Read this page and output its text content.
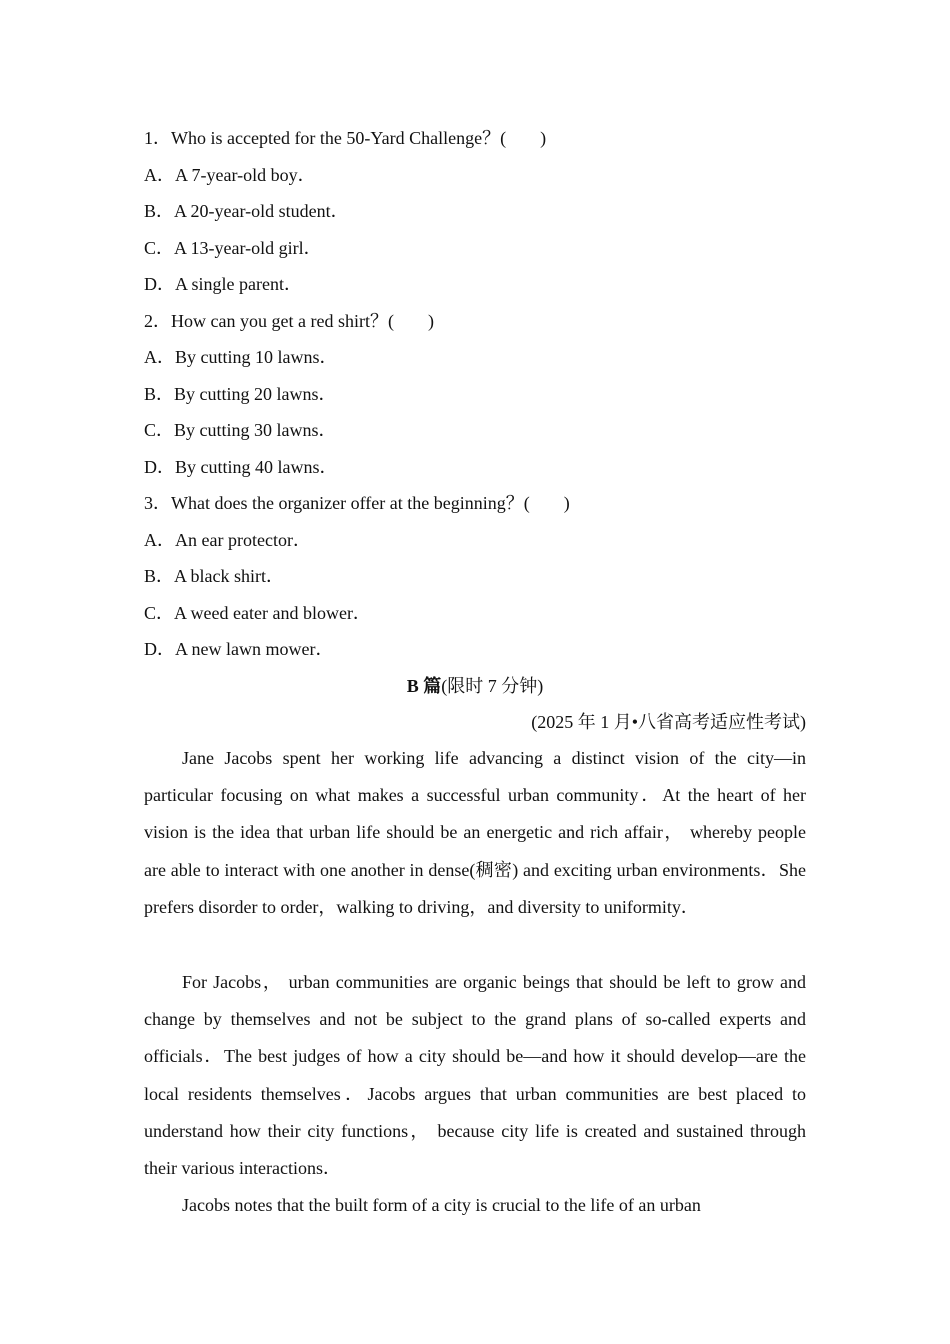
1．Who is accepted for the 50-Yard Challenge？( )
A．A 7-year-old boy．
B．A 20-year-old student．
C．A 13-year-old girl．
D．A single parent．
2．How can you get a red shirt？( )
A．By cutting 10 lawns．
B．By cutting 20 lawns．
C．By cutting 30 lawns．
D．By cutting 40 lawns．
3．What does the organizer offer at the beginning？( )
A．An ear protector．
B．A black shirt．
C．A weed eater and blower．
D．A new lawn mower．
B 篇(限时 7 分钟)
(2025 年 1 月•八省高考适应性考试)

Jane Jacobs spent her working life advancing a distinct vision of the city—in particular focusing on what makes a successful urban community．At the heart of her vision is the idea that urban life should be an energetic and rich affair， whereby people are able to interact with one another in dense(稠密) and exciting urban environments．She prefers disorder to order，walking to driving，and diversity to uniformity．

For Jacobs， urban communities are organic beings that should be left to grow and change by themselves and not be subject to the grand plans of so-called experts and officials．The best judges of how a city should be—and how it should develop—are the local residents themselves．Jacobs argues that urban communities are best placed to understand how their city functions， because city life is created and sustained through their various interactions．

Jacobs notes that the built form of a city is crucial to the life of an urban
